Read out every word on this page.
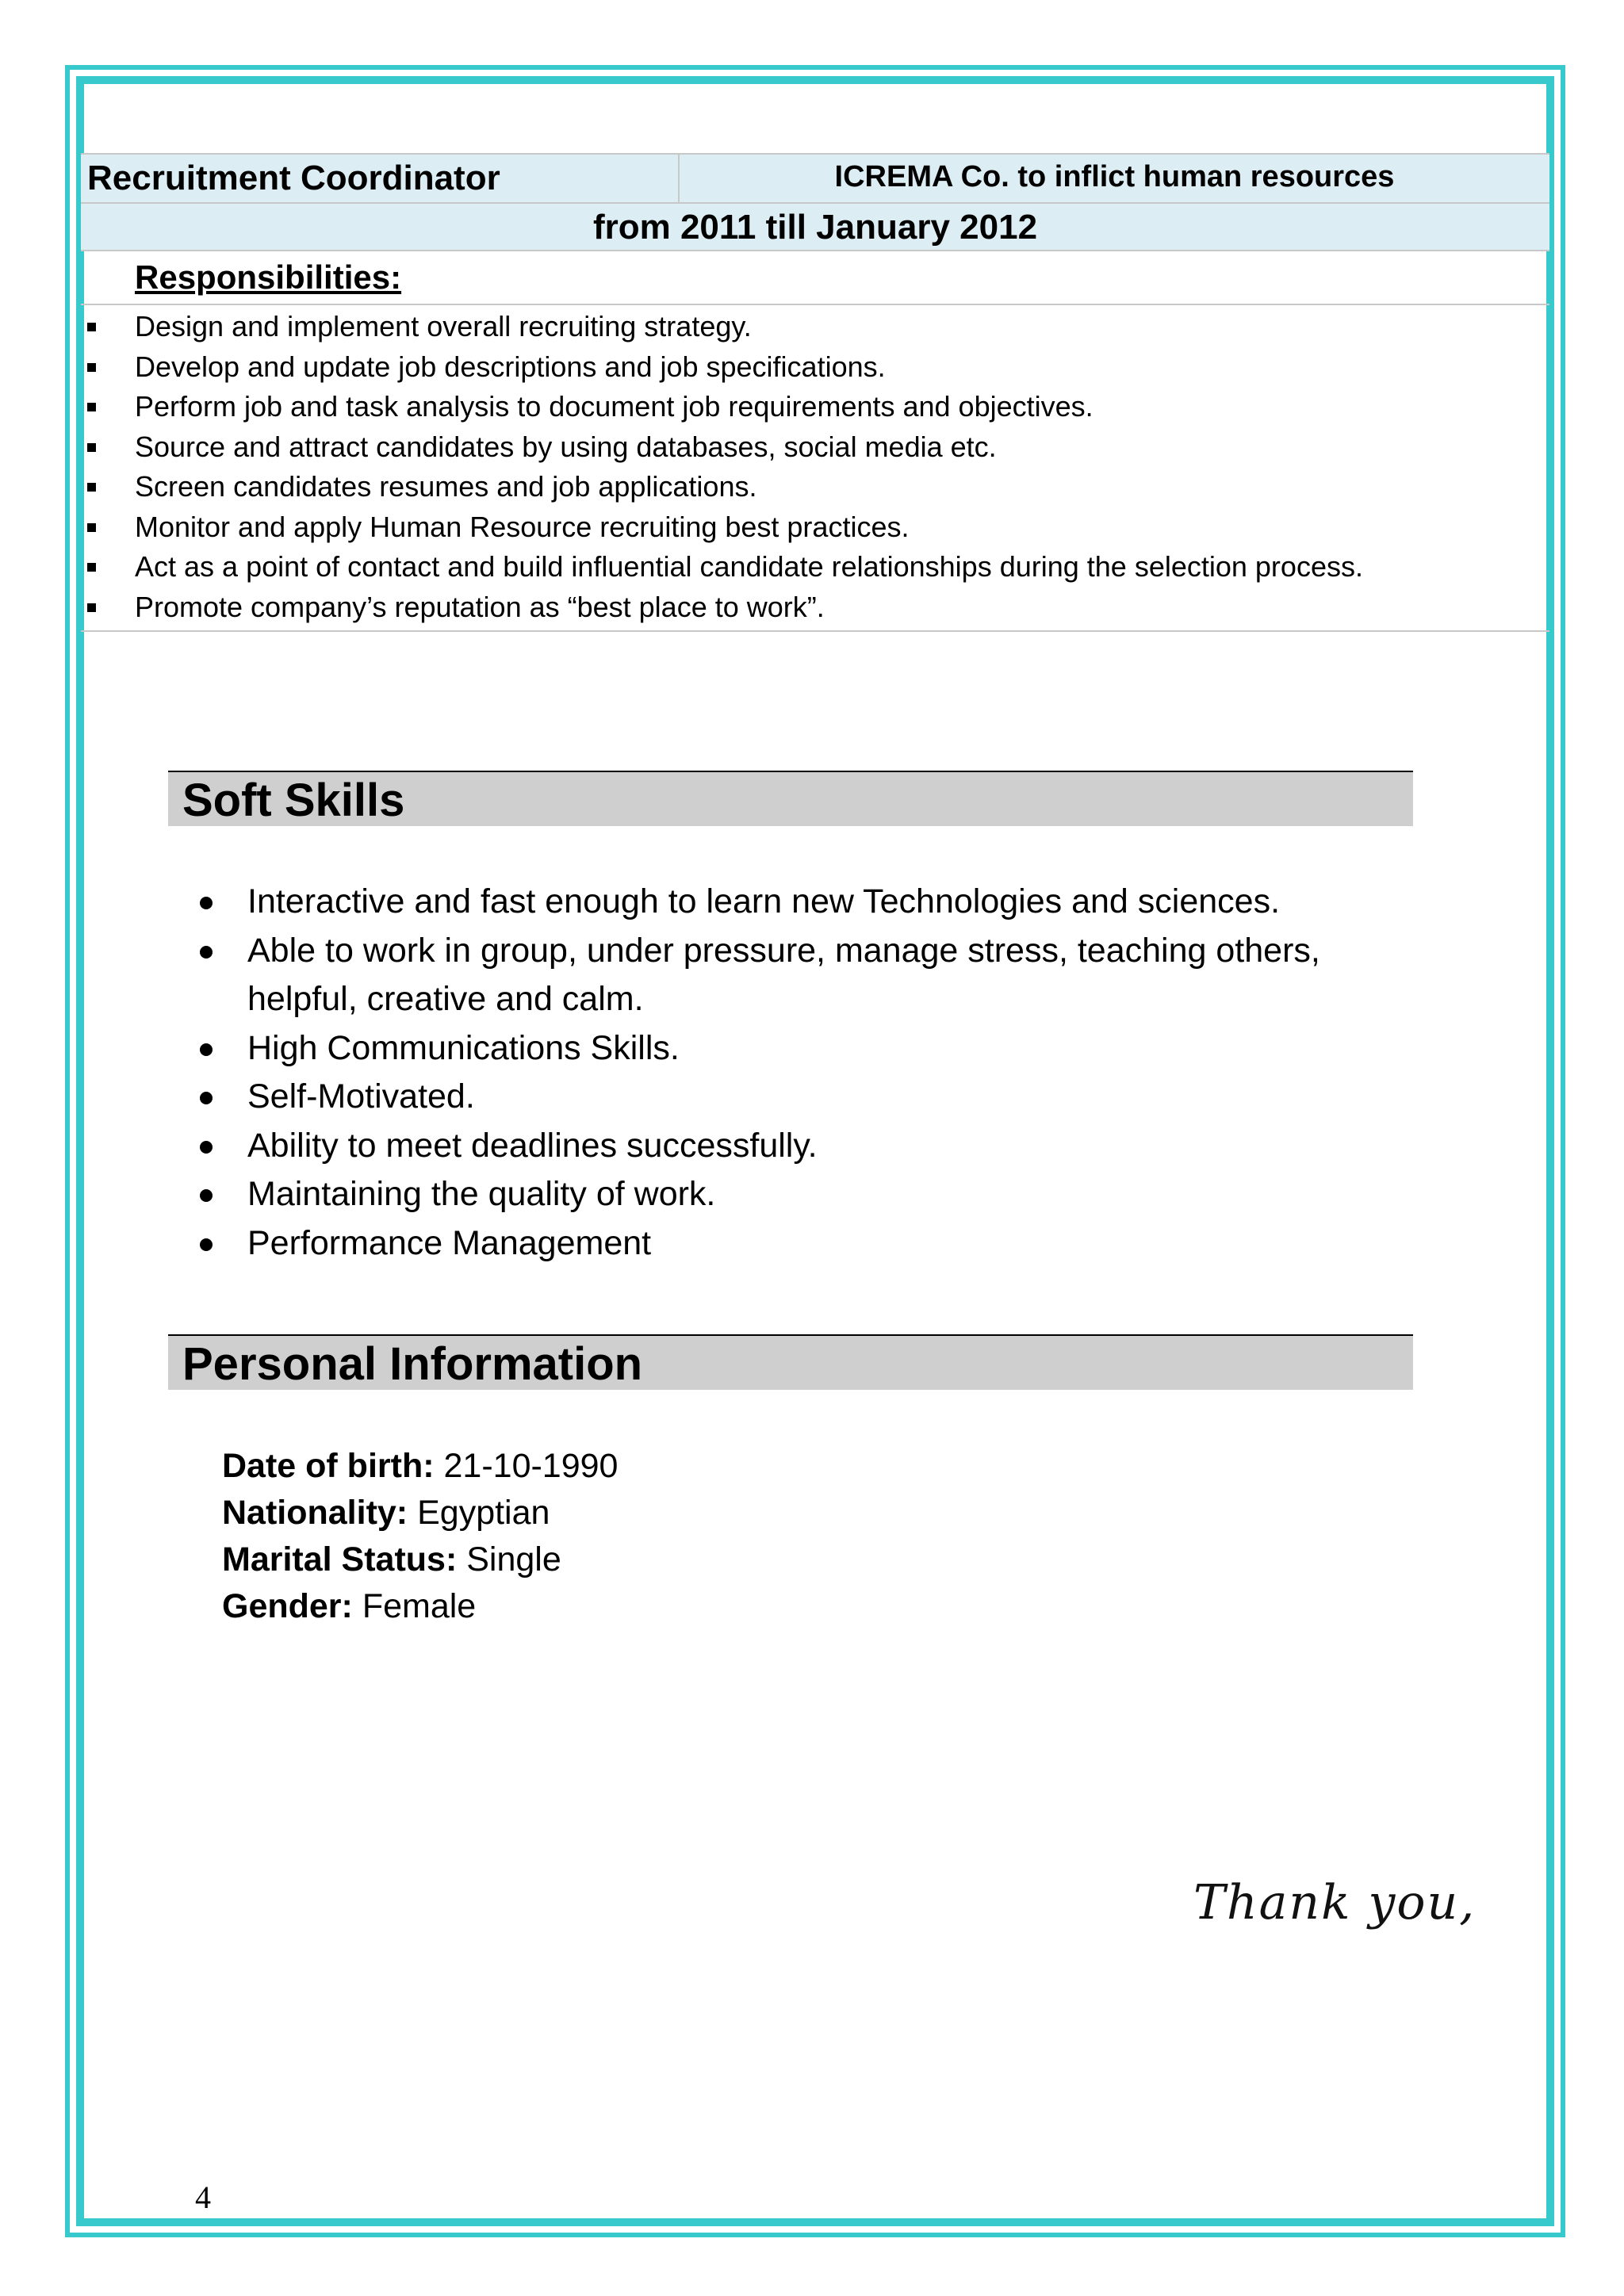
Recruitment Coordinator	ICREMA Co. to inflict human resources
from 2011 till January 2012
Responsibilities:
Design and implement overall recruiting strategy.
Develop and update job descriptions and job specifications.
Perform job and task analysis to document job requirements and objectives.
Source and attract candidates by using databases, social media etc.
Screen candidates resumes and job applications.
Monitor and apply Human Resource recruiting best practices.
Act as a point of contact and build influential candidate relationships during the selection process.
Promote company’s reputation as “best place to work”.
Soft Skills
Interactive and fast enough to learn new Technologies and sciences.
Able to work in group, under pressure, manage stress, teaching others, helpful, creative and calm.
High Communications Skills.
Self-Motivated.
Ability to meet deadlines successfully.
Maintaining the quality of work.
Performance Management
Personal Information
Date of birth: 21-10-1990
Nationality: Egyptian
Marital Status: Single
Gender: Female
Thank you,
4
